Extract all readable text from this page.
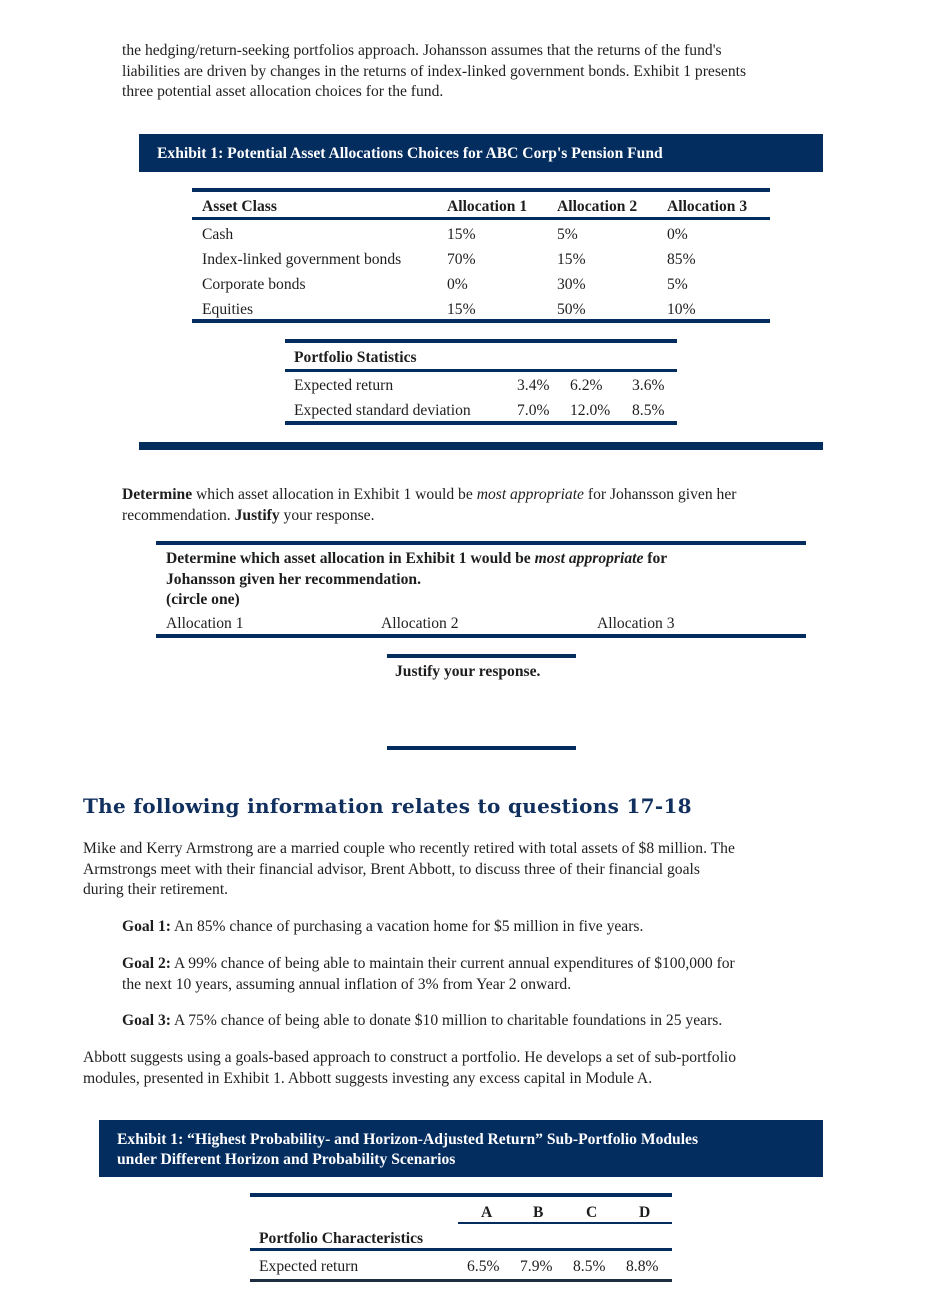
the hedging/return-seeking portfolios approach. Johansson assumes that the returns of the fund's
liabilities are driven by changes in the returns of index-linked government bonds. Exhibit 1 presents
three potential asset allocation choices for the fund.
Exhibit 1: Potential Asset Allocations Choices for ABC Corp's Pension Fund
Asset Class	Allocation 1 Allocation 2 Allocation 3
Cash	15%	5%	0%
Index-linked government bonds	70%	15%	85%
Corporate bonds	0%	30%	5%
Equities	15%	50%	10%
Portfolio Statistics
Expected return	3.4% 6.2% 3.6%
Expected standard deviation	7.0% 12.0% 8.5%
Determine which asset allocation in Exhibit 1 would be most appropriate for Johansson given her
recommendation. Justify your response.
Determine which asset allocation in Exhibit 1 would be most appropriate for
Johansson given her recommendation.
(circle one)
Allocation 1	Allocation 2	Allocation 3
Justify your response.
The following information relates to questions 17-18
Mike and Kerry Armstrong are a married couple who recently retired with total assets of $8 million. The
Armstrongs meet with their financial advisor, Brent Abbott, to discuss three of their financial goals
during their retirement.
Goal 1: An 85% chance of purchasing a vacation home for $5 million in five years.
Goal 2: A 99% chance of being able to maintain their current annual expenditures of $100,000 for
the next 10 years, assuming annual inflation of 3% from Year 2 onward.
Goal 3: A 75% chance of being able to donate $10 million to charitable foundations in 25 years.
Abbott suggests using a goals-based approach to construct a portfolio. He develops a set of sub-portfolio
modules, presented in Exhibit 1. Abbott suggests investing any excess capital in Module A.
Exhibit 1: “Highest Probability- and Horizon-Adjusted Return” Sub-Portfolio Modules
under Different Horizon and Probability Scenarios
A	B	C	D
Portfolio Characteristics
Expected return	6.5% 7.9% 8.5% 8.8%
